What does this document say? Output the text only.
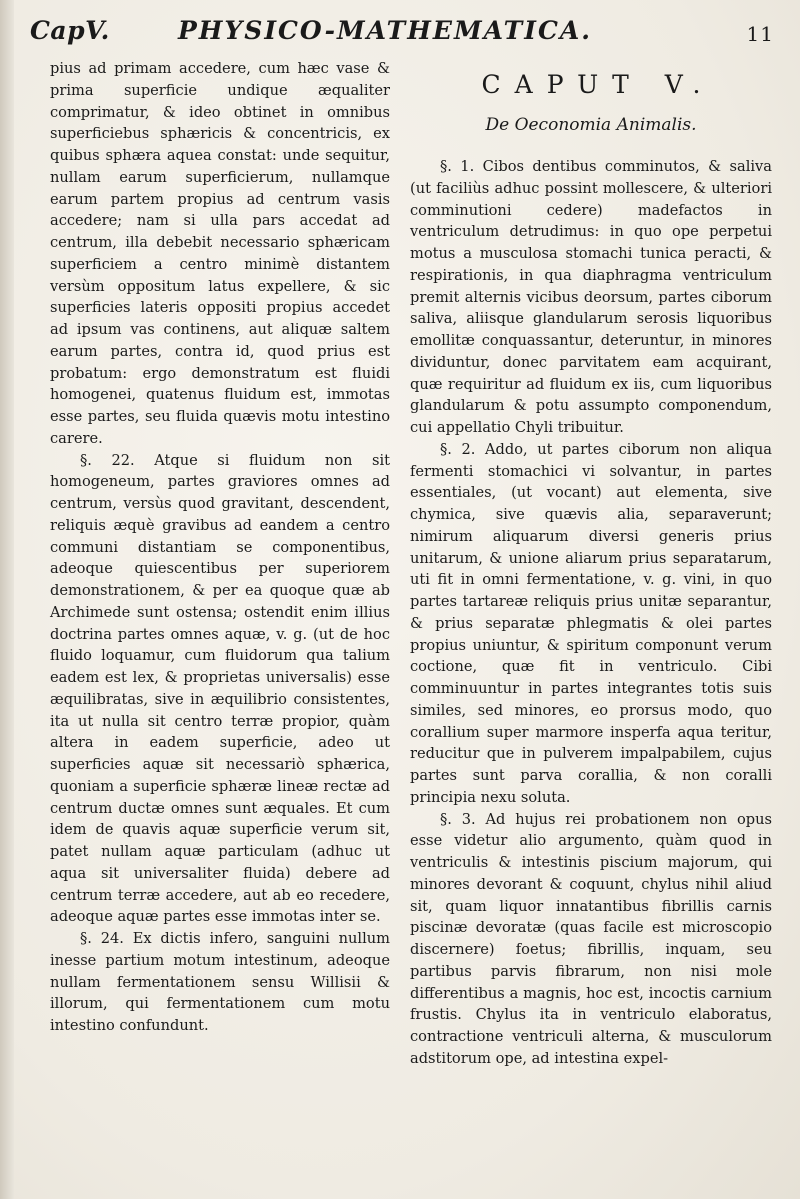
CapV.	PHYSICO-MATHEMATICA.	11

pius ad primam accedere, cum hæc vase & prima superficie undique æqualiter comprimatur, & ideo obtinet in omnibus superficiebus sphæricis & concentricis, ex quibus sphæra aquea constat: unde sequitur, nullam earum superficierum, nullamque earum partem propius ad centrum vasis accedere; nam si ulla pars accedat ad centrum, illa debebit necessario sphæricam superficiem a centro minimè distantem versùm oppositum latus expellere, & sic superficies lateris oppositi propius accedet ad ipsum vas continens, aut aliquæ saltem earum partes, contra id, quod prius est probatum: ergo demonstratum est fluidi homogenei, quatenus fluidum est, immotas esse partes, seu fluida quævis motu intestino carere.

§. 22. Atque si fluidum non sit homogeneum, partes graviores omnes ad centrum, versùs quod gravitant, descendent, reliquis æquè gravibus ad eandem a centro communi distantiam se componentibus, adeoque quiescentibus per superiorem demonstrationem, & per ea quoque quæ ab Archimede sunt ostensa; ostendit enim illius doctrina partes omnes aquæ, v. g. (ut de hoc fluido loquamur, cum fluidorum qua talium eadem est lex, & proprietas universalis) esse æquilibratas, sive in æquilibrio consistentes, ita ut nulla sit centro terræ propior, quàm altera in eadem superficie, adeo ut superficies aquæ sit necessariò sphærica, quoniam a superficie sphæræ lineæ rectæ ad centrum ductæ omnes sunt æquales. Et cum idem de quavis aquæ superficie verum sit, patet nullam aquæ particulam (adhuc ut aqua sit universaliter fluida) debere ad centrum terræ accedere, aut ab eo recedere, adeoque aquæ partes esse immotas inter se.

§. 24. Ex dictis infero, sanguini nullum inesse partium motum intestinum, adeoque nullam fermentationem sensu Willisii & illorum, qui fermentationem cum motu intestino confundunt.

CAPUT V.
De Oeconomia Animalis.

§. 1. Cibos dentibus comminutos, & saliva (ut faciliùs adhuc possint mollescere, & ulteriori comminutioni cedere) madefactos in ventriculum detrudimus: in quo ope perpetui motus a musculosa stomachi tunica peracti, & respirationis, in qua diaphragma ventriculum premit alternis vicibus deorsum, partes ciborum saliva, aliisque glandularum serosis liquoribus emollitæ conquassantur, deteruntur, in minores dividuntur, donec parvitatem eam acquirant, quæ requiritur ad fluidum ex iis, cum liquoribus glandularum & potu assumpto componendum, cui appellatio Chyli tribuitur.

§. 2. Addo, ut partes ciborum non aliqua fermenti stomachici vi solvantur, in partes essentiales, (ut vocant) aut elementa, sive chymica, sive quævis alia, separaverunt; nimirum aliquarum diversi generis prius unitarum, & unione aliarum prius separatarum, uti fit in omni fermentatione, v. g. vini, in quo partes tartareæ reliquis prius unitæ separantur, & prius separatæ phlegmatis & olei partes propius uniuntur, & spiritum componunt verum coctione, quæ fit in ventriculo. Cibi comminuuntur in partes integrantes totis suis similes, sed minores, eo prorsus modo, quo corallium super marmore insperfa aqua teritur, reducitur que in pulverem impalpabilem, cujus partes sunt parva corallia, & non coralli principia nexu soluta.

§. 3. Ad hujus rei probationem non opus esse videtur alio argumento, quàm quod in ventriculis & intestinis piscium majorum, qui minores devorant & coquunt, chylus nihil aliud sit, quam liquor innatantibus fibrillis carnis piscinæ devoratæ (quas facile est microscopio discernere) foetus; fibrillis, inquam, seu partibus parvis fibrarum, non nisi mole differentibus a magnis, hoc est, incoctis carnium frustis. Chylus ita in ventriculo elaboratus, contractione ventriculi alterna, & musculorum adstitorum ope, ad intestina expel-
